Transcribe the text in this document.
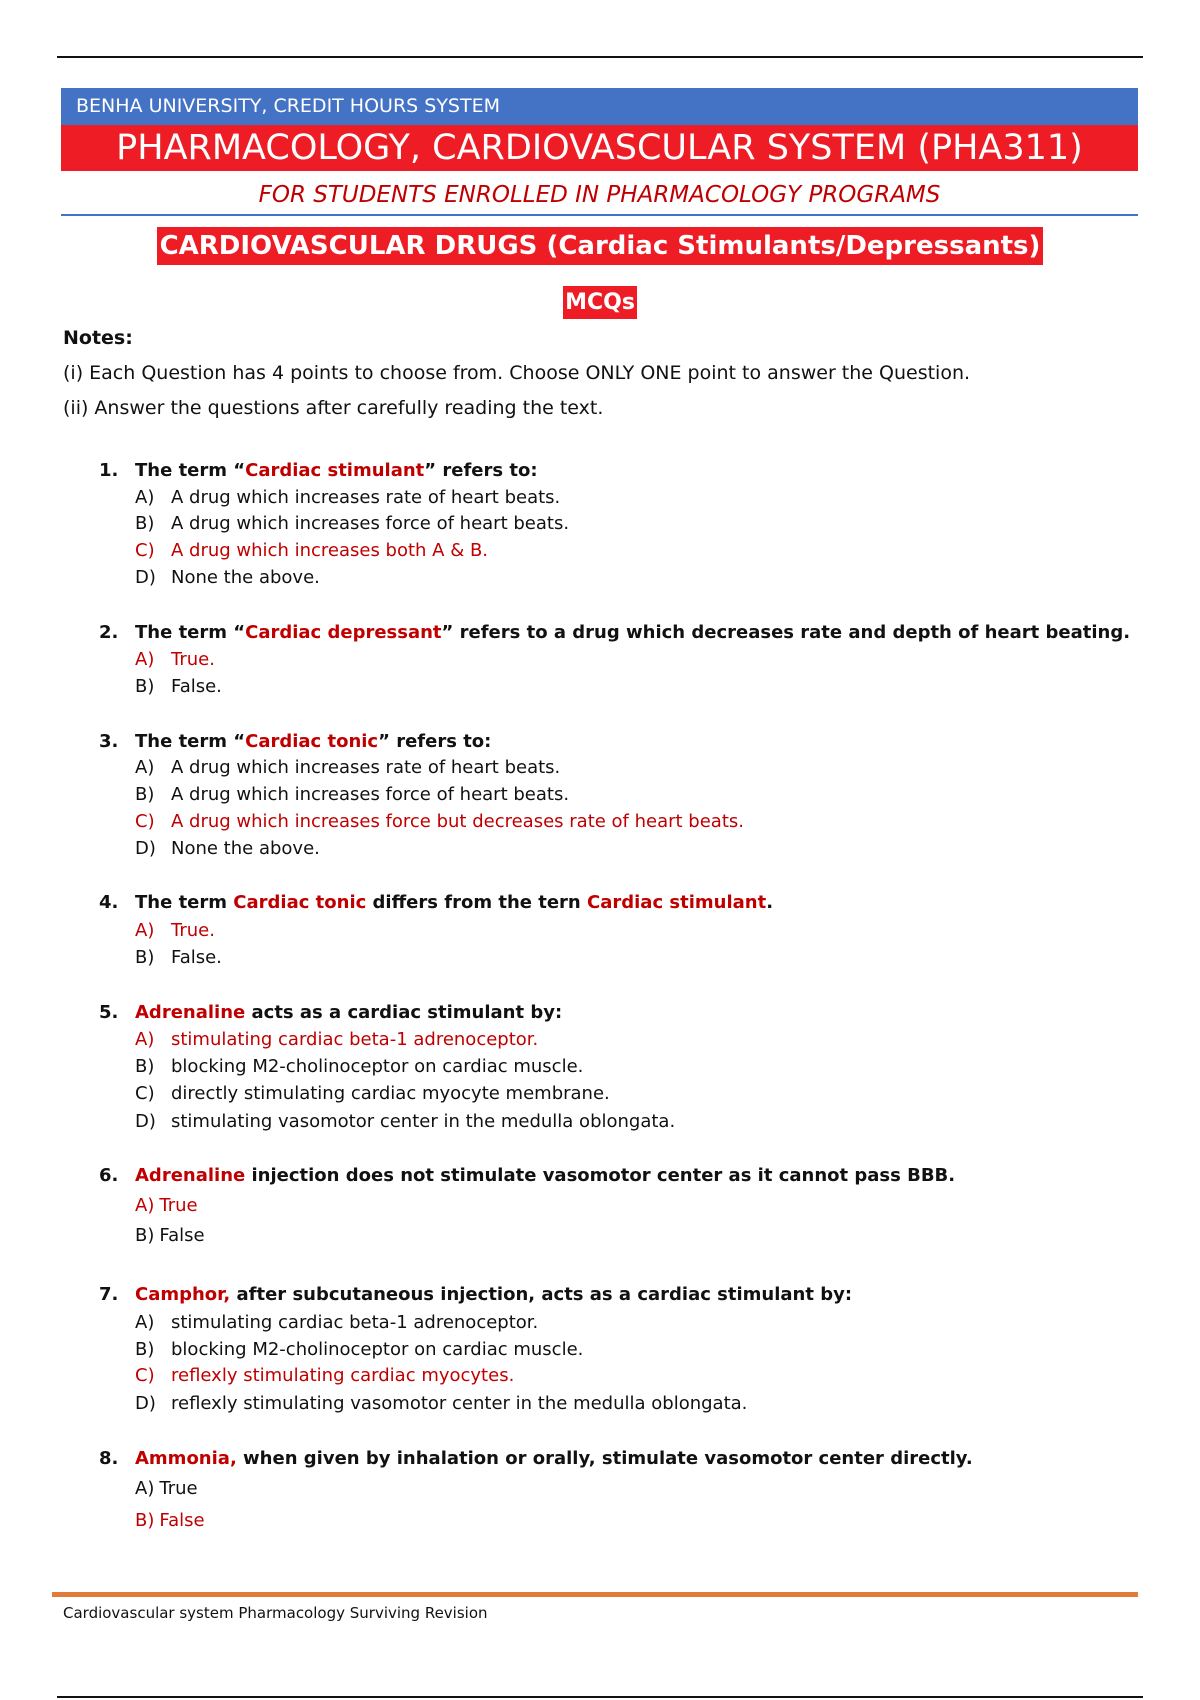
BENHA UNIVERSITY, CREDIT HOURS SYSTEM
PHARMACOLOGY, CARDIOVASCULAR SYSTEM (PHA311)
FOR STUDENTS ENROLLED IN PHARMACOLOGY PROGRAMS
CARDIOVASCULAR DRUGS (Cardiac Stimulants/Depressants)
MCQs
Notes:
(i) Each Question has 4 points to choose from. Choose ONLY ONE point to answer the Question.
(ii) Answer the questions after carefully reading the text.
1. The term “Cardiac stimulant” refers to:
A) A drug which increases rate of heart beats.
B) A drug which increases force of heart beats.
C) A drug which increases both A & B.
D) None the above.
2. The term “Cardiac depressant” refers to a drug which decreases rate and depth of heart beating.
A) True.
B) False.
3. The term “Cardiac tonic” refers to:
A) A drug which increases rate of heart beats.
B) A drug which increases force of heart beats.
C) A drug which increases force but decreases rate of heart beats.
D) None the above.
4. The term Cardiac tonic differs from the tern Cardiac stimulant.
A) True.
B) False.
5. Adrenaline acts as a cardiac stimulant by:
A) stimulating cardiac beta-1 adrenoceptor.
B) blocking M2-cholinoceptor on cardiac muscle.
C) directly stimulating cardiac myocyte membrane.
D) stimulating vasomotor center in the medulla oblongata.
6. Adrenaline injection does not stimulate vasomotor center as it cannot pass BBB.
A) True
B) False
7. Camphor, after subcutaneous injection, acts as a cardiac stimulant by:
A) stimulating cardiac beta-1 adrenoceptor.
B) blocking M2-cholinoceptor on cardiac muscle.
C) reflexly stimulating cardiac myocytes.
D) reflexly stimulating vasomotor center in the medulla oblongata.
8. Ammonia, when given by inhalation or orally, stimulate vasomotor center directly.
A) True
B) False
Cardiovascular system Pharmacology Surviving Revision
